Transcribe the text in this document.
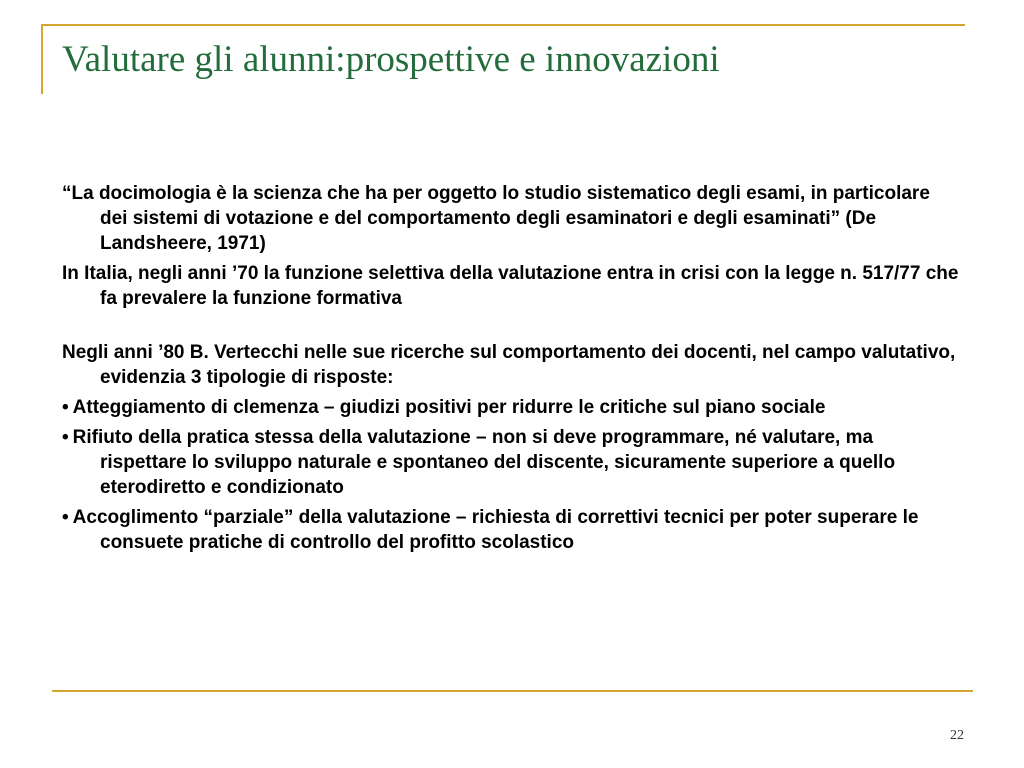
Valutare gli alunni:prospettive e innovazioni

“La docimologia è la scienza che ha per oggetto lo studio sistematico degli esami, in particolare dei sistemi di votazione e del comportamento degli esaminatori e degli esaminati” (De Landsheere, 1971)

In Italia, negli anni ’70 la funzione selettiva della valutazione entra in crisi con la legge n. 517/77 che fa prevalere la funzione formativa

Negli anni ’80 B. Vertecchi nelle sue ricerche sul comportamento dei docenti, nel campo valutativo, evidenzia 3 tipologie di risposte:

• Atteggiamento di clemenza – giudizi positivi per ridurre le critiche sul piano sociale

• Rifiuto della pratica stessa della valutazione – non si deve programmare, né valutare, ma rispettare lo sviluppo naturale e spontaneo del discente, sicuramente superiore a quello eterodiretto e condizionato

• Accoglimento “parziale” della valutazione – richiesta di correttivi tecnici per poter superare le consuete pratiche di controllo del profitto scolastico

22
